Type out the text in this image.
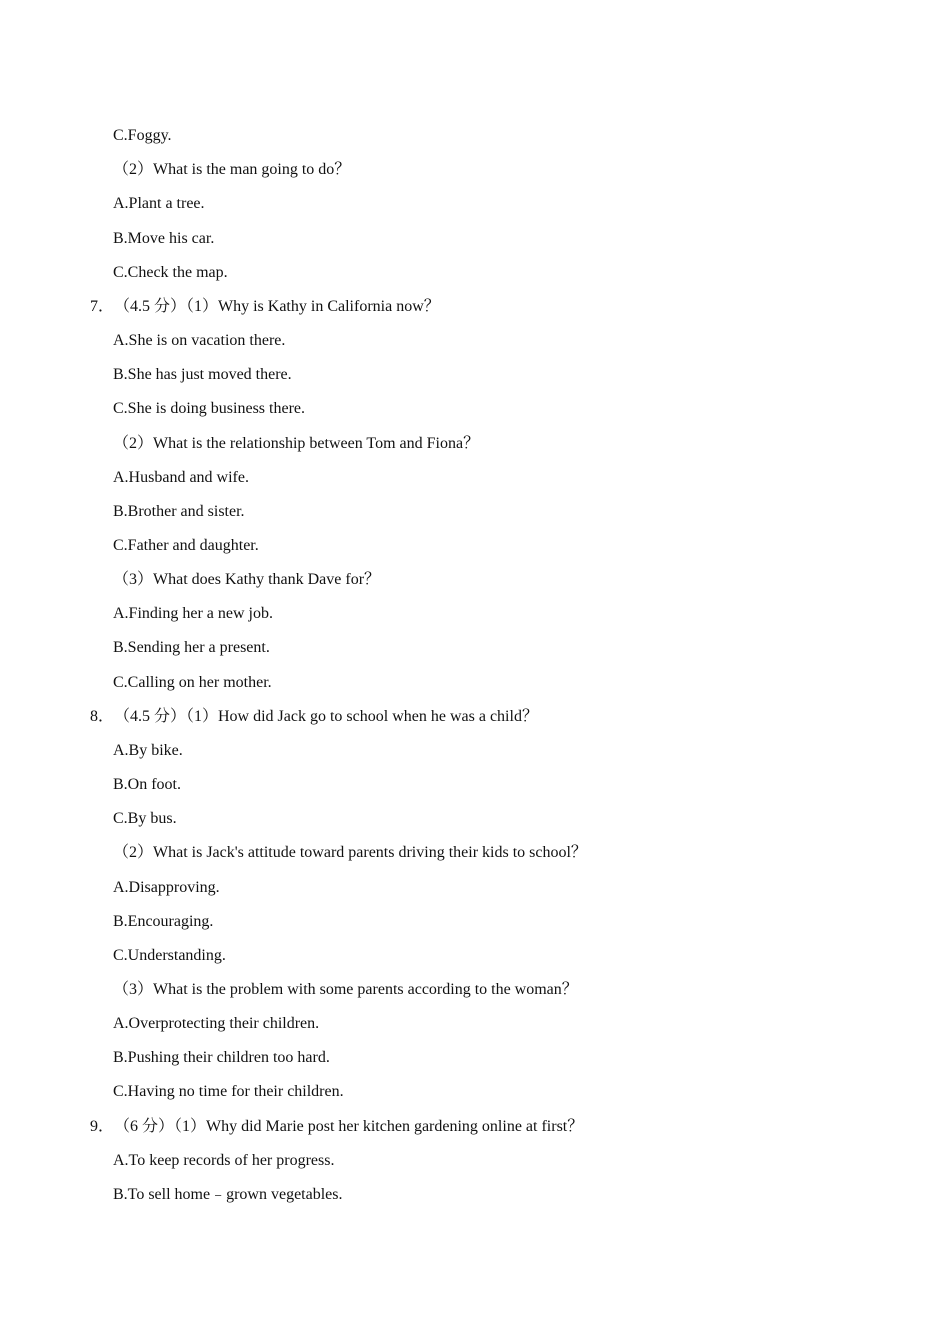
C.Foggy.
（2）What is the man going to do？
A.Plant a tree.
B.Move his car.
C.Check the map.
7．（4.5 分）（1）Why is Kathy in California now？
A.She is on vacation there.
B.She has just moved there.
C.She is doing business there.
（2）What is the relationship between Tom and Fiona？
A.Husband and wife.
B.Brother and sister.
C.Father and daughter.
（3）What does Kathy thank Dave for？
A.Finding her a new job.
B.Sending her a present.
C.Calling on her mother.
8．（4.5 分）（1）How did Jack go to school when he was a child？
A.By bike.
B.On foot.
C.By bus.
（2）What is Jack's attitude toward parents driving their kids to school？
A.Disapproving.
B.Encouraging.
C.Understanding.
（3）What is the problem with some parents according to the woman？
A.Overprotecting their children.
B.Pushing their children too hard.
C.Having no time for their children.
9．（6 分）（1）Why did Marie post her kitchen gardening online at first？
A.To keep records of her progress.
B.To sell home﹣grown vegetables.
